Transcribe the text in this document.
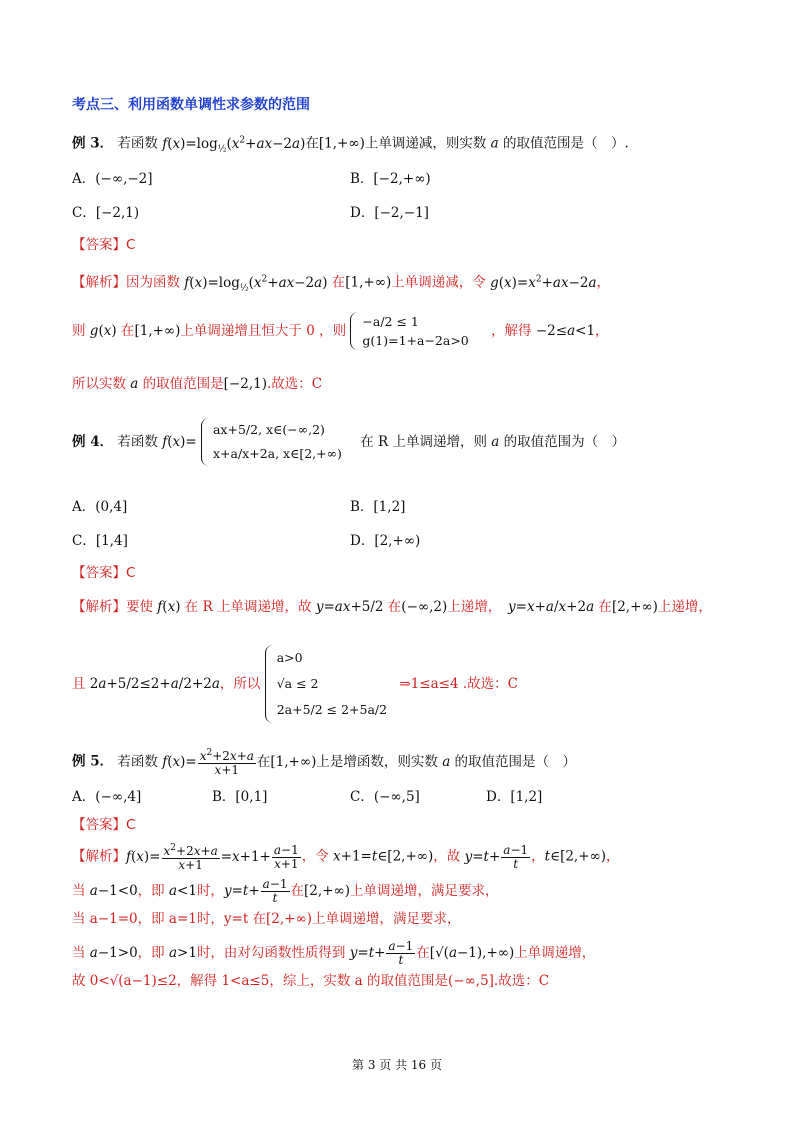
考点三、利用函数单调性求参数的范围
例 3． 若函数 $f(x)=\log_{\frac{1}{2}}(x^2+ax-2a)$在[1,+∞)上单调递减，则实数 a 的取值范围是（　）.
A．(−∞,−2]	B．[−2,+∞)
C．[−2,1)	D．[−2,−1]
【答案】C
【解析】因为函数 $f(x)=\log_{\frac{1}{2}}(x^2+ax-2a)$ 在[1,+∞)上单调递减，令 $g(x)=x^2+ax-2a$，
则 g(x) 在[1,+∞)上单调递增且恒大于 0 ，则
−a/2 ≤ 1
g(1)=1+a−2a>0
，解得 −2≤a<1，
所以实数 a 的取值范围是[−2,1).故选：C
例 4． 若函数 f(x)=
ax+5/2, x∈(−∞,2)
x+a/x+2a, x∈[2,+∞)
在 R 上单调递增，则 a 的取值范围为（　）
A．(0,4]	B．[1,2]
C．[1,4]	D．[2,+∞)
【答案】C
【解析】要使 f(x) 在 R 上单调递增，故 y=ax+5/2 在(−∞,2)上递增，　y=x+a/x+2a 在[2,+∞)上递增，
且 2a+5/2≤2+a/2+2a，所以
a>0
√a ≤ 2
2a+5/2 ≤ 2+5a/2
⇒1≤a≤4 .故选：C
例 5． 若函数 $f(x)= \frac{x^2+2x+a}{x+1}$ 在[1,+∞)上是增函数，则实数 a 的取值范围是（　）
A．(−∞,4]	B．[0,1]	C．(−∞,5]	D．[1,2]
【答案】C
【解析】$f(x)= \frac{x^2+2x+a}{x+1} =x+1+ \frac{a-1}{x+1}$ ，令 x+1=t∈[2,+∞)，故 $y=t+ \frac{a-1}{t}$ ，t∈[2,+∞)，
当 a−1<0，即 a<1时，$y=t+ \frac{a-1}{t}$ 在[2,+∞)上单调递增，满足要求，
当 a−1=0，即 a=1时，y=t 在[2,+∞)上单调递增，满足要求，
当 a−1>0，即 a>1时，由对勾函数性质得到 $y=t+ \frac{a-1}{t}$ 在[√(a−1),+∞)上单调递增，
故 0<√(a−1)≤2，解得 1<a≤5，综上，实数 a 的取值范围是(−∞,5].故选：C
第 3 页 共 16 页
